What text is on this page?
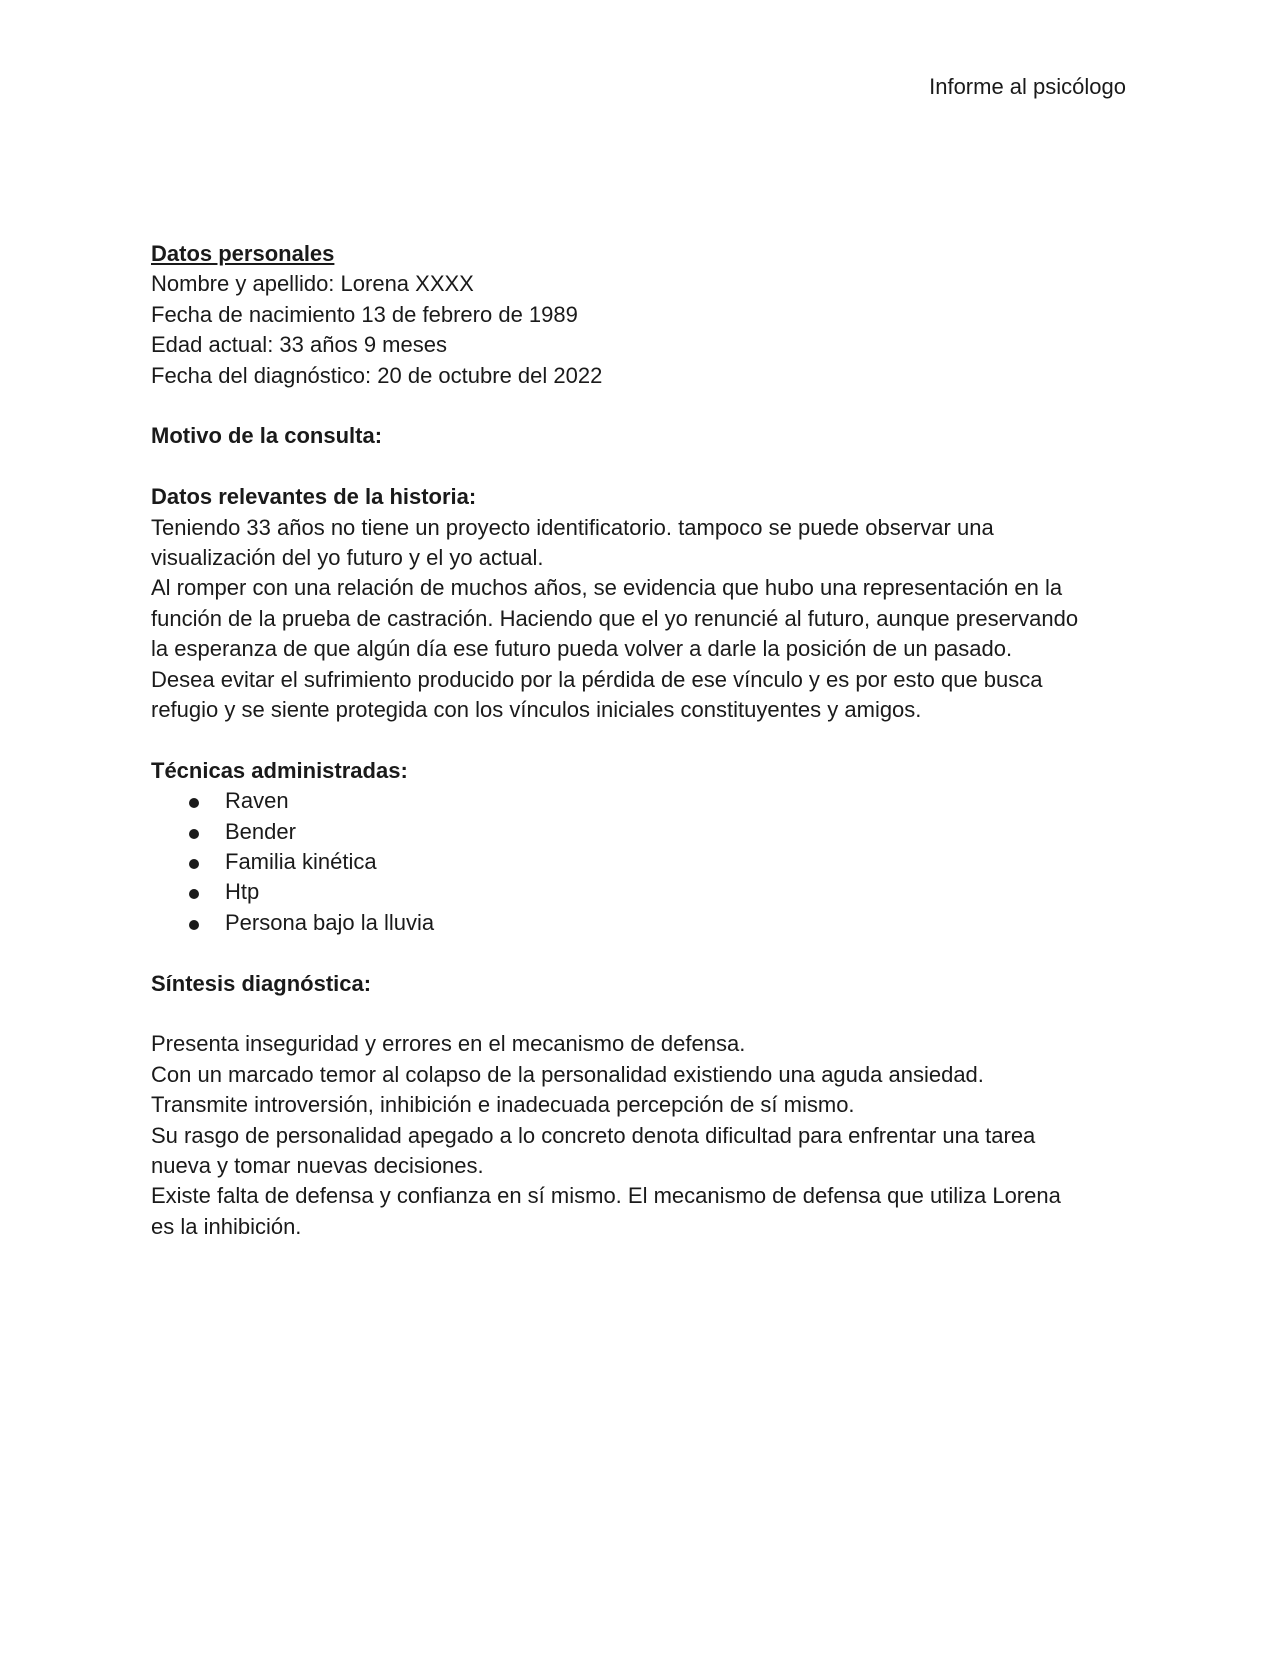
Informe al psicólogo
Datos personales
Nombre y apellido: Lorena XXXX
Fecha de nacimiento 13 de febrero de 1989
Edad actual: 33 años 9 meses
Fecha del diagnóstico: 20 de octubre del 2022
Motivo de la consulta:
Datos relevantes de la historia:
Teniendo 33 años no tiene un proyecto identificatorio. tampoco se puede observar una
visualización del yo futuro y el yo actual.
Al romper con una relación de muchos años, se evidencia que hubo una representación en la
función de la prueba de castración. Haciendo que el yo renuncié al futuro, aunque preservando
la esperanza de que algún día ese futuro pueda volver a darle la posición de un pasado.
Desea evitar el sufrimiento producido por la pérdida de ese vínculo y es por esto que busca
refugio y se siente protegida con los vínculos iniciales constituyentes y amigos.
Técnicas administradas:
Raven
Bender
Familia kinética
Htp
Persona bajo la lluvia
Síntesis diagnóstica:
Presenta inseguridad y errores en el mecanismo de defensa.
Con un marcado temor al colapso de la personalidad existiendo una aguda ansiedad.
Transmite introversión, inhibición e inadecuada percepción de sí mismo.
Su rasgo de personalidad apegado a lo concreto denota dificultad para enfrentar una tarea
nueva y tomar nuevas decisiones.
Existe falta de defensa y confianza en sí mismo. El mecanismo de defensa que utiliza Lorena
es la inhibición.
